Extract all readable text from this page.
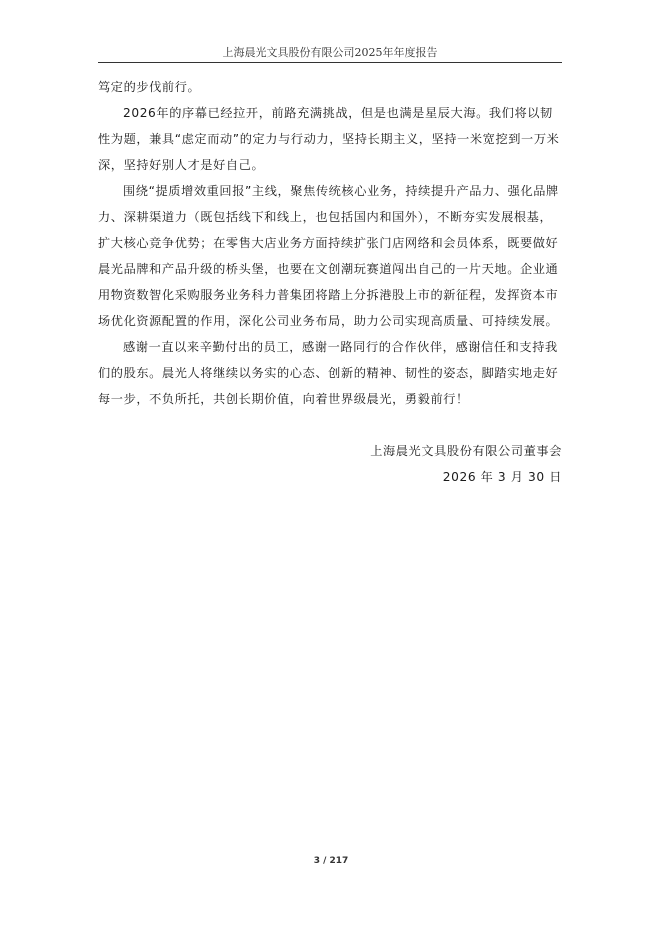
上海晨光文具股份有限公司2025年年度报告

笃定的步伐前行。

2026年的序幕已经拉开，前路充满挑战，但是也满是星辰大海。我们将以韧性为题，兼具“虑定而动”的定力与行动力，坚持长期主义，坚持一米宽挖到一万米深，坚持好别人才是好自己。

围绕“提质增效重回报”主线，聚焦传统核心业务，持续提升产品力、强化品牌力、深耕渠道力（既包括线下和线上，也包括国内和国外），不断夯实发展根基，扩大核心竞争优势；在零售大店业务方面持续扩张门店网络和会员体系，既要做好晨光品牌和产品升级的桥头堡，也要在文创潮玩赛道闯出自己的一片天地。企业通用物资数智化采购服务业务科力普集团将踏上分拆港股上市的新征程，发挥资本市场优化资源配置的作用，深化公司业务布局，助力公司实现高质量、可持续发展。

感谢一直以来辛勤付出的员工，感谢一路同行的合作伙伴，感谢信任和支持我们的股东。晨光人将继续以务实的心态、创新的精神、韧性的姿态，脚踏实地走好每一步，不负所托，共创长期价值，向着世界级晨光，勇毅前行！

上海晨光文具股份有限公司董事会
2026 年 3 月 30 日
3 / 217
